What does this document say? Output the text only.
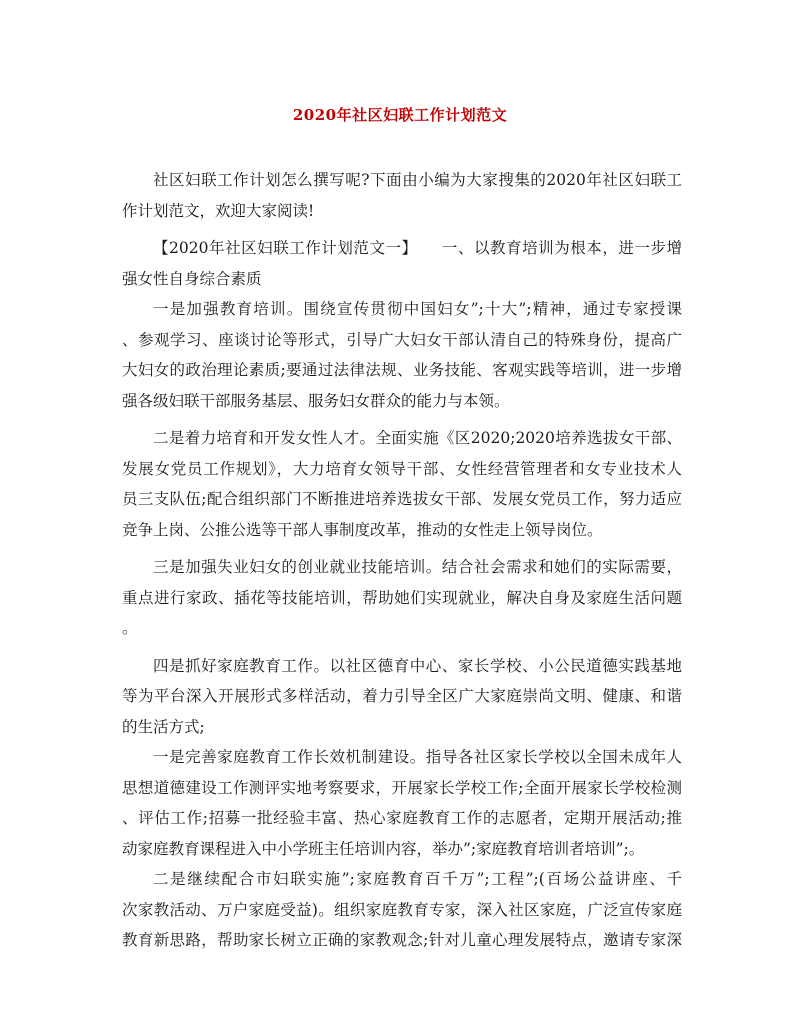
2020年社区妇联工作计划范文
社区妇联工作计划怎么撰写呢?下面由小编为大家搜集的2020年社区妇联工
作计划范文，欢迎大家阅读!
【2020年社区妇联工作计划范文一】　　一、以教育培训为根本，进一步增
强女性自身综合素质
一是加强教育培训。围绕宣传贯彻中国妇女”;十大”;精神，通过专家授课
、参观学习、座谈讨论等形式，引导广大妇女干部认清自己的特殊身份，提高广
大妇女的政治理论素质;要通过法律法规、业务技能、客观实践等培训，进一步增
强各级妇联干部服务基层、服务妇女群众的能力与本领。
二是着力培育和开发女性人才。全面实施《区2020;2020培养选拔女干部、
发展女党员工作规划》，大力培育女领导干部、女性经营管理者和女专业技术人
员三支队伍;配合组织部门不断推进培养选拔女干部、发展女党员工作，努力适应
竞争上岗、公推公选等干部人事制度改革，推动的女性走上领导岗位。
三是加强失业妇女的创业就业技能培训。结合社会需求和她们的实际需要，
重点进行家政、插花等技能培训，帮助她们实现就业，解决自身及家庭生活问题
。
四是抓好家庭教育工作。以社区德育中心、家长学校、小公民道德实践基地
等为平台深入开展形式多样活动，着力引导全区广大家庭崇尚文明、健康、和谐
的生活方式;
一是完善家庭教育工作长效机制建设。指导各社区家长学校以全国未成年人
思想道德建设工作测评实地考察要求，开展家长学校工作;全面开展家长学校检测
、评估工作;招募一批经验丰富、热心家庭教育工作的志愿者，定期开展活动;推
动家庭教育课程进入中小学班主任培训内容，举办”;家庭教育培训者培训”;。
二是继续配合市妇联实施”;家庭教育百千万”;工程”;(百场公益讲座、千
次家教活动、万户家庭受益)。组织家庭教育专家，深入社区家庭，广泛宣传家庭
教育新思路，帮助家长树立正确的家教观念;针对儿童心理发展特点，邀请专家深
